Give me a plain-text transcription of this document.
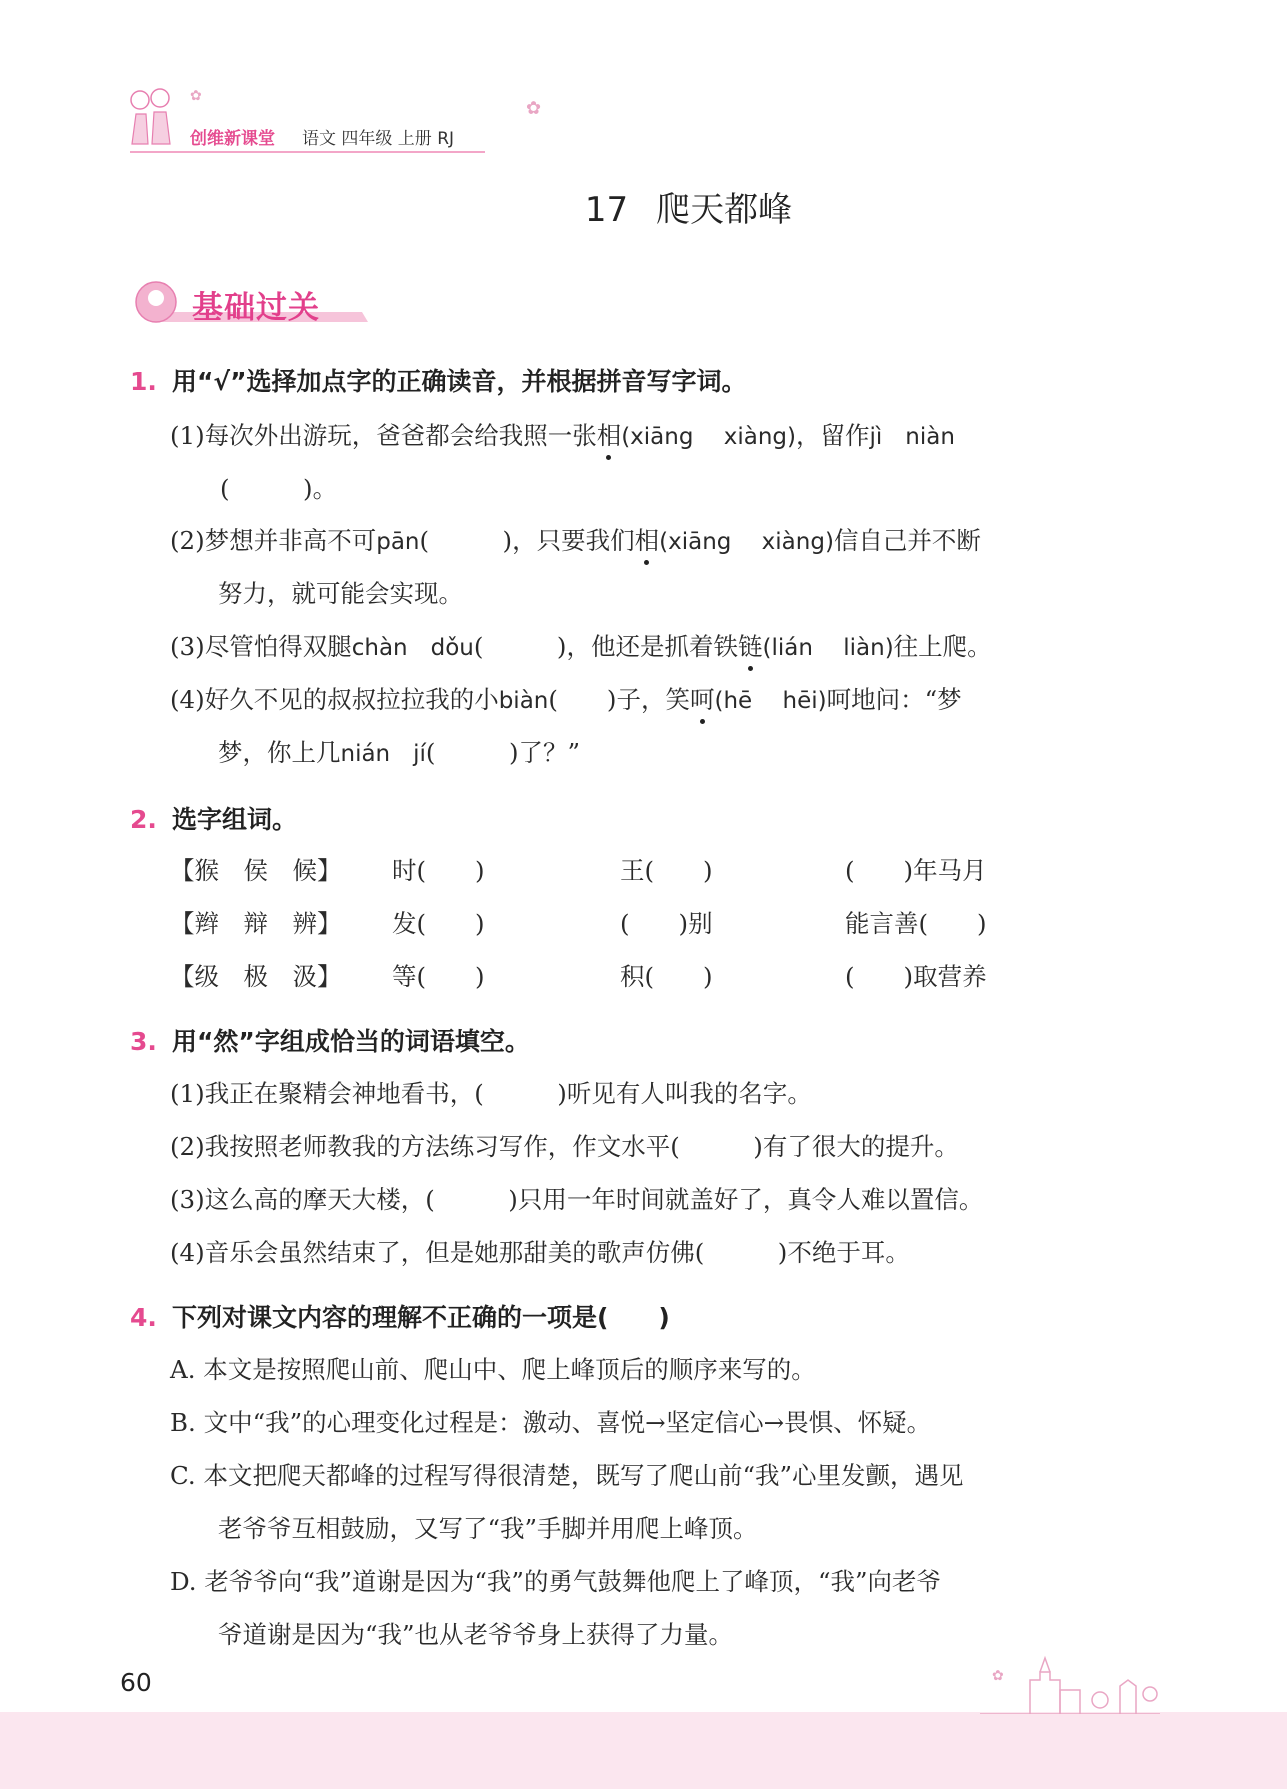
创维新课堂 语文 四年级 上册 RJ
✿
✿
17 爬天都峰
基础过关
1. 用“√”选择加点字的正确读音，并根据拼音写字词。
(1)每次外出游玩，爸爸都会给我照一张相(xiāng　 xiàng)，留作jì　niàn
(　　　)。
(2)梦想并非高不可pān(　　　)，只要我们相(xiāng　 xiàng)信自己并不断
努力，就可能会实现。
(3)尽管怕得双腿chàn　dǒu(　　　)，他还是抓着铁链(lián　 liàn)往上爬。
(4)好久不见的叔叔拉拉我的小biàn(　　)子，笑呵(hē　 hēi)呵地问：“梦
梦，你上几nián　jí(　　　)了？”
2. 选字组词。
【猴　侯　候】 时(　　)	王(　　)	(　　)年马月
【辫　辩　辨】 发(　　)	(　　)别	能言善(　　)
【级　极　汲】 等(　　)	积(　　)	(　　)取营养
3. 用“然”字组成恰当的词语填空。
(1)我正在聚精会神地看书，(　　　)听见有人叫我的名字。
(2)我按照老师教我的方法练习写作，作文水平(　　　)有了很大的提升。
(3)这么高的摩天大楼，(　　　)只用一年时间就盖好了，真令人难以置信。
(4)音乐会虽然结束了，但是她那甜美的歌声仿佛(　　　)不绝于耳。
4. 下列对课文内容的理解不正确的一项是(　　)
A. 本文是按照爬山前、爬山中、爬上峰顶后的顺序来写的。
B. 文中“我”的心理变化过程是：激动、喜悦→坚定信心→畏惧、怀疑。
C. 本文把爬天都峰的过程写得很清楚，既写了爬山前“我”心里发颤，遇见
老爷爷互相鼓励，又写了“我”手脚并用爬上峰顶。
D. 老爷爷向“我”道谢是因为“我”的勇气鼓舞他爬上了峰顶，“我”向老爷
爷道谢是因为“我”也从老爷爷身上获得了力量。
60	✿
